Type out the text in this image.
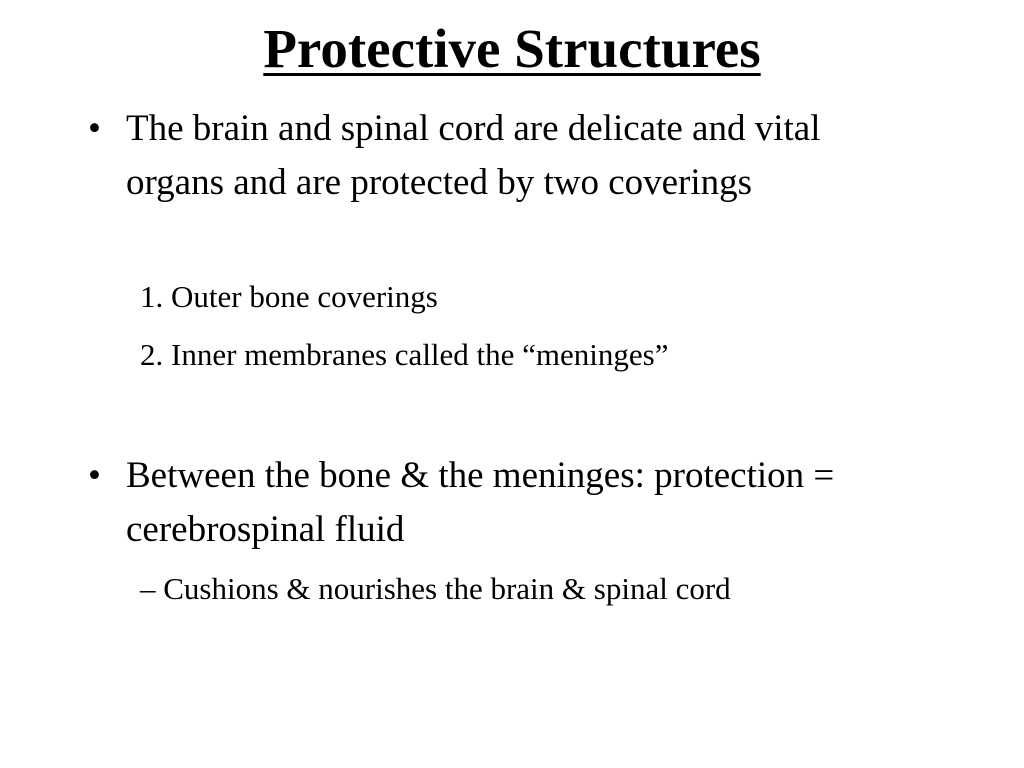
Protective Structures
• The brain and spinal cord are delicate and vital organs and are protected by two coverings
1. Outer bone coverings
2. Inner membranes called the “meninges”
• Between the bone & the meninges: protection = cerebrospinal fluid
– Cushions & nourishes the brain & spinal cord
